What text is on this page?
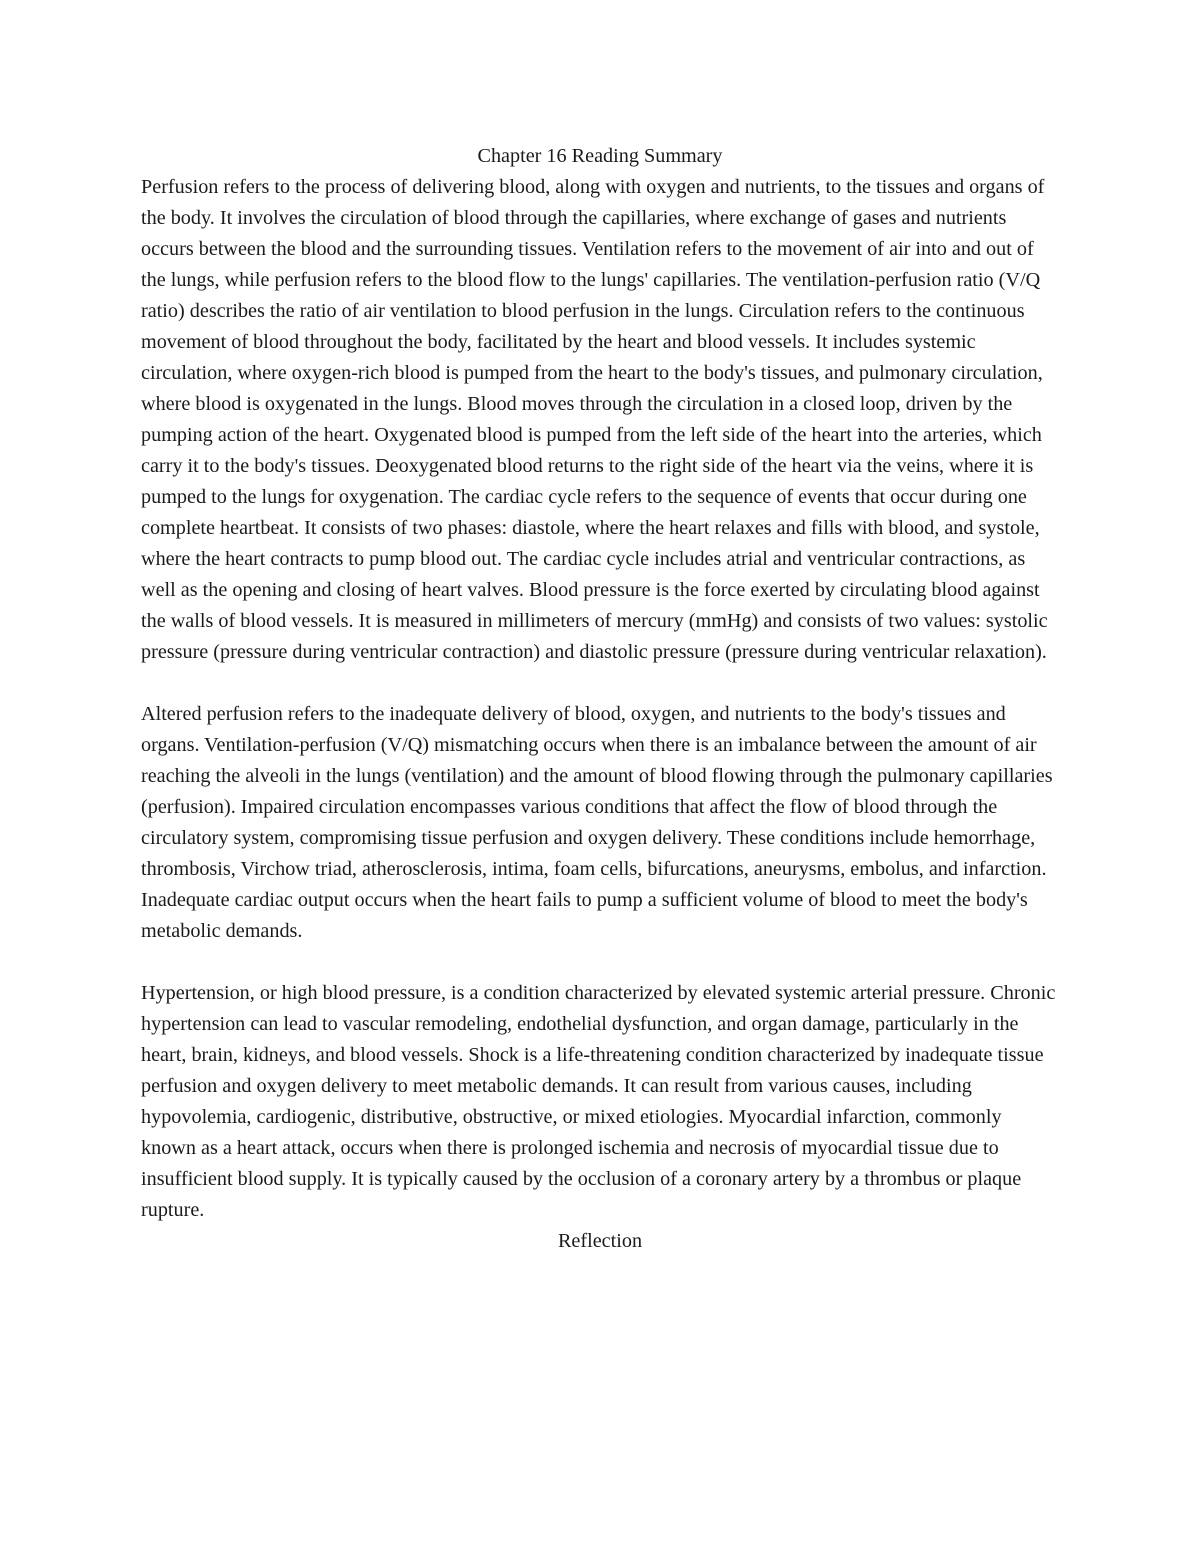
Chapter 16 Reading Summary

Perfusion refers to the process of delivering blood, along with oxygen and nutrients, to the tissues and organs of the body. It involves the circulation of blood through the capillaries, where exchange of gases and nutrients occurs between the blood and the surrounding tissues. Ventilation refers to the movement of air into and out of the lungs, while perfusion refers to the blood flow to the lungs' capillaries. The ventilation-perfusion ratio (V/Q ratio) describes the ratio of air ventilation to blood perfusion in the lungs. Circulation refers to the continuous movement of blood throughout the body, facilitated by the heart and blood vessels. It includes systemic circulation, where oxygen-rich blood is pumped from the heart to the body's tissues, and pulmonary circulation, where blood is oxygenated in the lungs. Blood moves through the circulation in a closed loop, driven by the pumping action of the heart. Oxygenated blood is pumped from the left side of the heart into the arteries, which carry it to the body's tissues. Deoxygenated blood returns to the right side of the heart via the veins, where it is pumped to the lungs for oxygenation. The cardiac cycle refers to the sequence of events that occur during one complete heartbeat. It consists of two phases: diastole, where the heart relaxes and fills with blood, and systole, where the heart contracts to pump blood out. The cardiac cycle includes atrial and ventricular contractions, as well as the opening and closing of heart valves. Blood pressure is the force exerted by circulating blood against the walls of blood vessels. It is measured in millimeters of mercury (mmHg) and consists of two values: systolic pressure (pressure during ventricular contraction) and diastolic pressure (pressure during ventricular relaxation).

Altered perfusion refers to the inadequate delivery of blood, oxygen, and nutrients to the body's tissues and organs. Ventilation-perfusion (V/Q) mismatching occurs when there is an imbalance between the amount of air reaching the alveoli in the lungs (ventilation) and the amount of blood flowing through the pulmonary capillaries (perfusion). Impaired circulation encompasses various conditions that affect the flow of blood through the circulatory system, compromising tissue perfusion and oxygen delivery. These conditions include hemorrhage, thrombosis, Virchow triad, atherosclerosis, intima, foam cells, bifurcations, aneurysms, embolus, and infarction. Inadequate cardiac output occurs when the heart fails to pump a sufficient volume of blood to meet the body's metabolic demands.

Hypertension, or high blood pressure, is a condition characterized by elevated systemic arterial pressure. Chronic hypertension can lead to vascular remodeling, endothelial dysfunction, and organ damage, particularly in the heart, brain, kidneys, and blood vessels. Shock is a life-threatening condition characterized by inadequate tissue perfusion and oxygen delivery to meet metabolic demands. It can result from various causes, including hypovolemia, cardiogenic, distributive, obstructive, or mixed etiologies. Myocardial infarction, commonly known as a heart attack, occurs when there is prolonged ischemia and necrosis of myocardial tissue due to insufficient blood supply. It is typically caused by the occlusion of a coronary artery by a thrombus or plaque rupture.

Reflection
